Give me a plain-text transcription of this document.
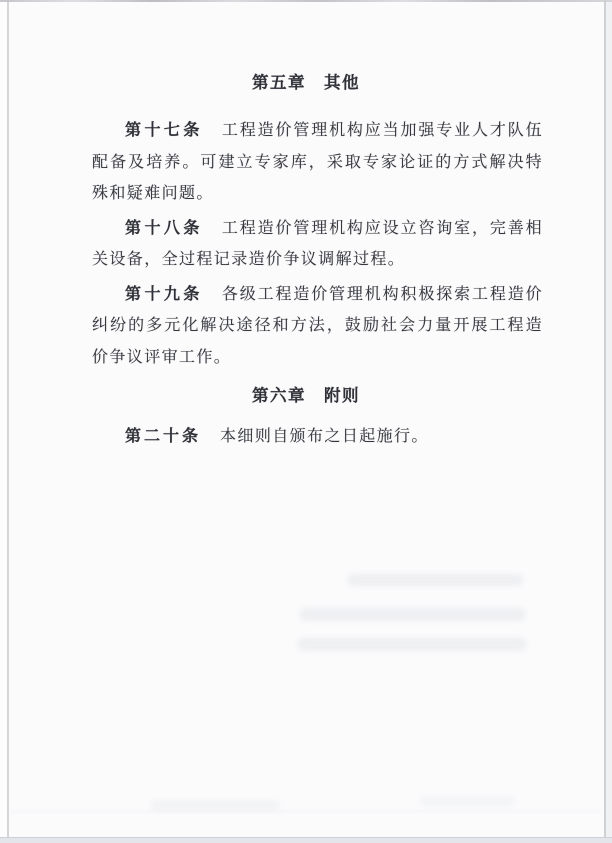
第五章　其他

第十七条 工程造价管理机构应当加强专业人才队伍配备及培养。可建立专家库，采取专家论证的方式解决特殊和疑难问题。

第十八条 工程造价管理机构应设立咨询室，完善相关设备，全过程记录造价争议调解过程。

第十九条 各级工程造价管理机构积极探索工程造价纠纷的多元化解决途径和方法，鼓励社会力量开展工程造价争议评审工作。

第六章　附则

第二十条 本细则自颁布之日起施行。
